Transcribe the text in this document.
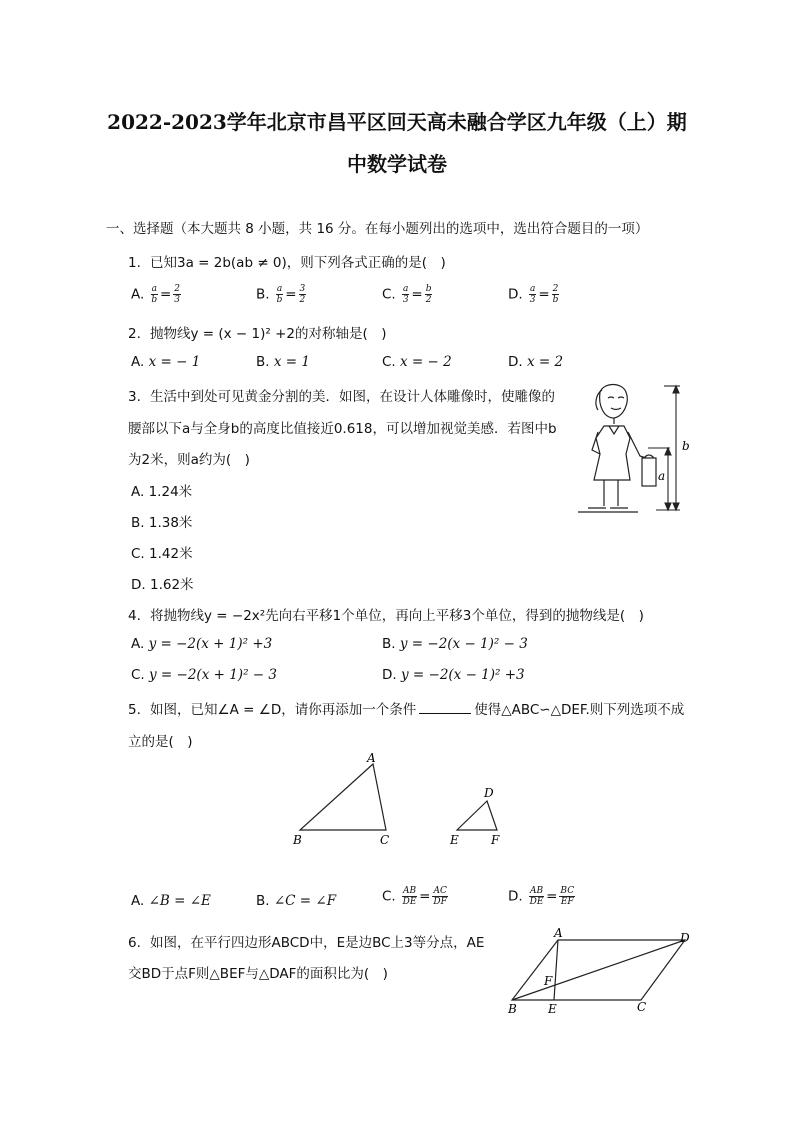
2022-2023学年北京市昌平区回天高未融合学区九年级（上）期
中数学试卷
一、选择题（本大题共 8 小题，共 16 分。在每小题列出的选项中，选出符合题目的一项）
1. 已知3a = 2b(ab ≠ 0)，则下列各式正确的是(　)
A. $\frac{a}{b} = \frac{2}{3}$	B. $\frac{a}{b} = \frac{3}{2}$	C. $\frac{a}{3} = \frac{b}{2}$	D. $\frac{a}{3} = \frac{2}{b}$
2. 抛物线y = (x − 1)² +2的对称轴是(　)
A. x = − 1	B. x = 1	C. x = − 2	D. x = 2
3. 生活中到处可见黄金分割的美．如图，在设计人体雕像时，使雕像的
腰部以下a与全身b的高度比值接近0.618，可以增加视觉美感．若图中b
为2米，则a约为(　)
A. 1.24米
B. 1.38米
C. 1.42米
D. 1.62米
b
a
4. 将抛物线y = −2x²先向右平移1个单位，再向上平移3个单位，得到的抛物线是(　)
A. y = −2(x + 1)² +3	B. y = −2(x − 1)² − 3
C. y = −2(x + 1)² − 3	D. y = −2(x − 1)² +3
5. 如图，已知∠A = ∠D，请你再添加一个条件	使得△ABC∽△DEF.则下列选项不成
立的是(　)
A
B	C
D
E	F
A. ∠B = ∠E	B. ∠C = ∠F	C. $\frac{AB}{DE} = \frac{AC}{DF}$	D. $\frac{AB}{DE} = \frac{BC}{EF}$
6. 如图，在平行四边形ABCD中，E是边BC上3等分点，AE
交BD于点F则△BEF与△DAF的面积比为(　)
A	D
B	E	C
F
